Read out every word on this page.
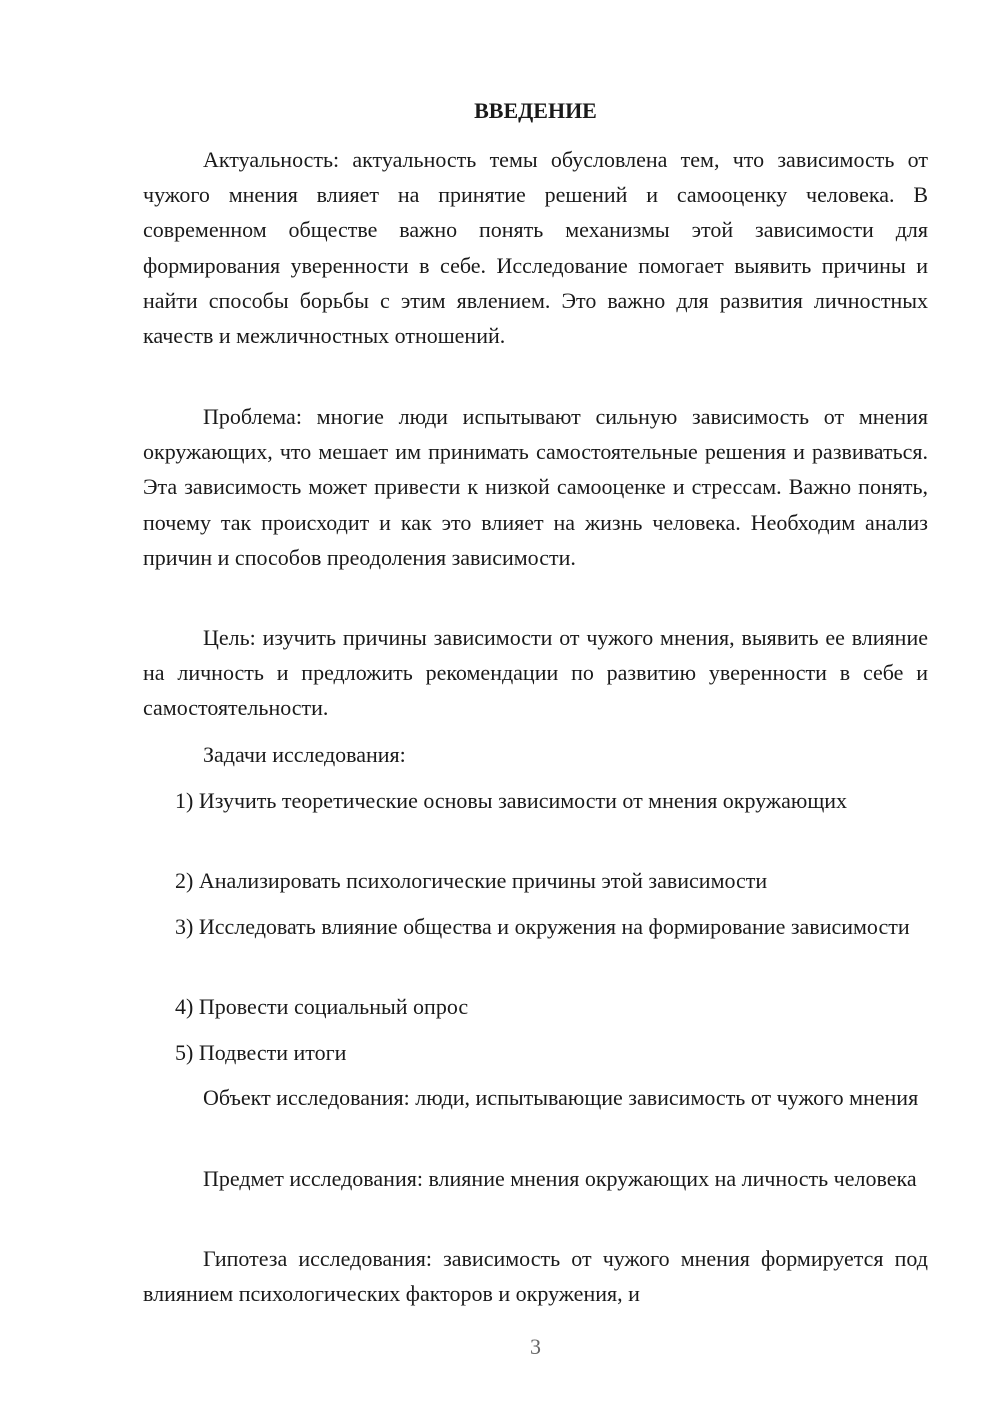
ВВЕДЕНИЕ

Актуальность: актуальность темы обусловлена тем, что зависимость от чужого мнения влияет на принятие решений и самооценку человека. В современном обществе важно понять механизмы этой зависимости для формирования уверенности в себе. Исследование помогает выявить причины и найти способы борьбы с этим явлением. Это важно для развития личностных качеств и межличностных отношений.

Проблема: многие люди испытывают сильную зависимость от мнения окружающих, что мешает им принимать самостоятельные решения и развиваться. Эта зависимость может привести к низкой самооценке и стрессам. Важно понять, почему так происходит и как это влияет на жизнь человека. Необходим анализ причин и способов преодоления зависимости.

Цель: изучить причины зависимости от чужого мнения, выявить ее влияние на личность и предложить рекомендации по развитию уверенности в себе и самостоятельности.

Задачи исследования:

1) Изучить теоретические основы зависимости от мнения окружающих

2) Анализировать психологические причины этой зависимости

3) Исследовать влияние общества и окружения на формирование зависимости

4) Провести социальный опрос

5) Подвести итоги

Объект исследования: люди, испытывающие зависимость от чужого мнения

Предмет исследования: влияние мнения окружающих на личность человека

Гипотеза исследования: зависимость от чужого мнения формируется под влиянием психологических факторов и окружения, и

3
